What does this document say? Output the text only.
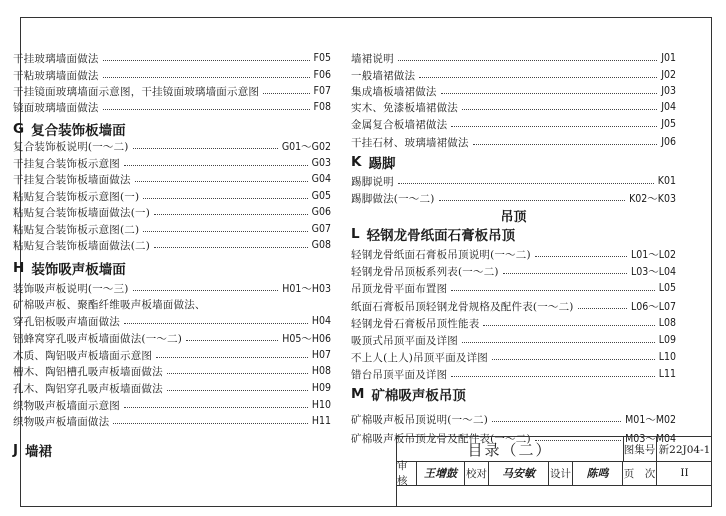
干挂玻璃墙面做法	F05
干粘玻璃墙面做法	F06
干挂镜面玻璃墙面示意图，干挂镜面玻璃墙面示意图	F07
镜面玻璃墙面做法	F08
G 复合装饰板墙面
复合装饰板说明(一～二)	G01～G02
干挂复合装饰板示意图	G03
干挂复合装饰板墙面做法	G04
粘贴复合装饰板示意图(一)	G05
粘贴复合装饰板墙面做法(一)	G06
粘贴复合装饰板示意图(二)	G07
粘贴复合装饰板墙面做法(二)	G08
H 装饰吸声板墙面
装饰吸声板说明(一～三)	H01～H03
矿棉吸声板、聚酯纤维吸声板墙面做法、
穿孔铝板吸声墙面做法	H04
铝蜂窝穿孔吸声板墙面做法(一～二)	H05～H06
木质、陶铝吸声板墙面示意图	H07
槽木、陶铝槽孔吸声板墙面做法	H08
孔木、陶铝穿孔吸声板墙面做法	H09
织物吸声板墙面示意图	H10
织物吸声板墙面做法	H11
J 墙裙
墙裙说明	J01
一般墙裙做法	J02
集成墙板墙裙做法	J03
实木、免漆板墙裙做法	J04
金属复合板墙裙做法	J05
干挂石材、玻璃墙裙做法	J06
K 踢脚
踢脚说明	K01
踢脚做法(一～二)	K02～K03
吊顶
L 轻钢龙骨纸面石膏板吊顶
轻钢龙骨纸面石膏板吊顶说明(一～二)	L01～L02
轻钢龙骨吊顶板系列表(一～二)	L03～L04
吊顶龙骨平面布置图	L05
纸面石膏板吊顶轻钢龙骨规格及配件表(一～二)	L06～L07
轻钢龙骨石膏板吊顶性能表	L08
吸顶式吊顶平面及详图	L09
不上人(上人)吊顶平面及详图	L10
错台吊顶平面及详图	L11
M 矿棉吸声板吊顶
矿棉吸声板吊顶说明(一～二)	M01～M02
矿棉吸声板吊顶龙骨及配件表(一～二)	M03～M04
目录（二）	图集号 新22J04-1
审核
王增鼓 校对	马安敏	设计	陈鸣	页　次	II
